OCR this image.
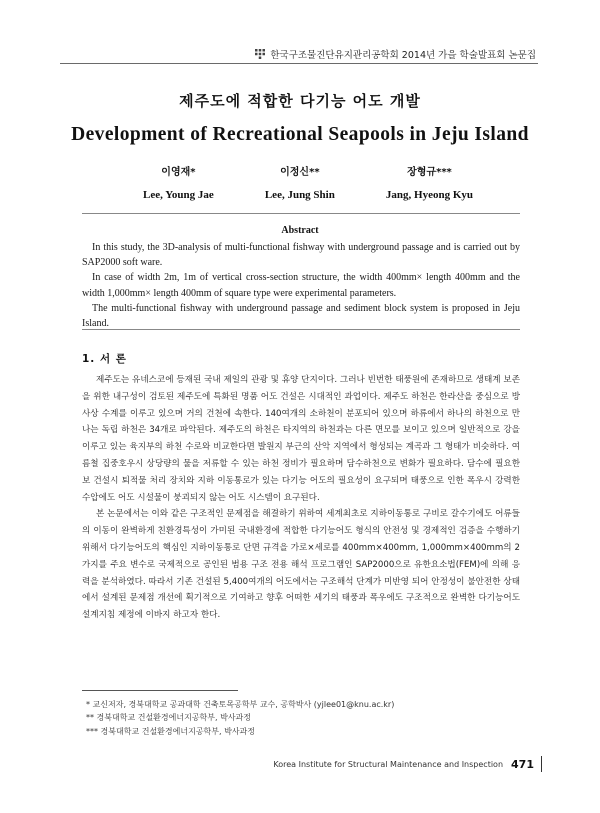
한국구조물진단유지관리공학회 2014년 가을 학술발표회 논문집
제주도에 적합한 다기능 어도 개발
Development of Recreational Seapools in Jeju Island
이영재*
Lee, Young Jae
이정신**
Lee, Jung Shin
장형규***
Jang, Hyeong Kyu
Abstract

In this study, the 3D-analysis of multi-functional fishway with underground passage and is carried out by SAP2000 soft ware.

In case of width 2m, 1m of vertical cross-section structure, the width 400mm× length 400mm and the width 1,000mm× length 400mm of square type were experimental parameters.

The multi-functional fishway with underground passage and sediment block system is proposed in Jeju Island.

1. 서 론

제주도는 유네스코에 등재된 국내 제일의 관광 및 휴양 단지이다. 그러나 빈번한 태풍원에 존재하므로 생태계 보존을 위한 내구성이 검토된 제주도에 특화된 명품 어도 건설은 시대적인 과업이다. 제주도 하천은 한라산을 중심으로 방사상 수계를 이루고 있으며 거의 건천에 속한다. 140여개의 소하천이 분포되어 있으며 하류에서 하나의 하천으로 만나는 독립 하천은 34개로 파악된다. 제주도의 하천은 타지역의 하천과는 다른 면모를 보이고 있으며 일반적으로 강을 이루고 있는 육지부의 하천 수로와 비교한다면 발원지 부근의 산악 지역에서 형성되는 계곡과 그 형태가 비슷하다. 여름철 집중호우시 상당량의 물을 저류할 수 있는 하천 정비가 필요하며 담수하천으로 변화가 필요하다. 담수에 필요한 보 건설시 퇴적물 처리 장치와 지하 이동통로가 있는 다기능 어도의 필요성이 요구되며 태풍으로 인한 폭우시 강력한 수압에도 어도 시설물이 붕괴되지 않는 어도 시스템이 요구된다.

본 논문에서는 이와 같은 구조적인 문제점을 해결하기 위하여 세계최초로 지하이동통로 구비로 갈수기에도 어류들의 이동이 완벽하게 친환경특성이 가미된 국내환경에 적합한 다기능어도 형식의 안전성 및 경제적인 검증을 수행하기 위해서 다기능어도의 핵심인 지하이동통로 단면 규격을 가로×세로를 400mm×400mm, 1,000mm×400mm의 2가지를 주요 변수로 국제적으로 공인된 범용 구조 전용 해석 프로그램인 SAP2000으로 유한요소법(FEM)에 의해 응력을 분석하였다. 따라서 기존 건설된 5,400여개의 어도에서는 구조해석 단계가 미반영 되어 안정성이 불안전한 상태에서 설계된 문제점 개선에 획기적으로 기여하고 향후 어떠한 세기의 태풍과 폭우에도 구조적으로 완벽한 다기능어도 설계지침 제정에 이바지 하고자 한다.

* 교신저자, 경북대학교 공과대학 건축토목공학부 교수, 공학박사 (yjlee01@knu.ac.kr)
** 경북대학교 건설환경에너지공학부, 박사과정
*** 경북대학교 건설환경에너지공학부, 박사과정
Korea Institute for Structural Maintenance and Inspection 471
